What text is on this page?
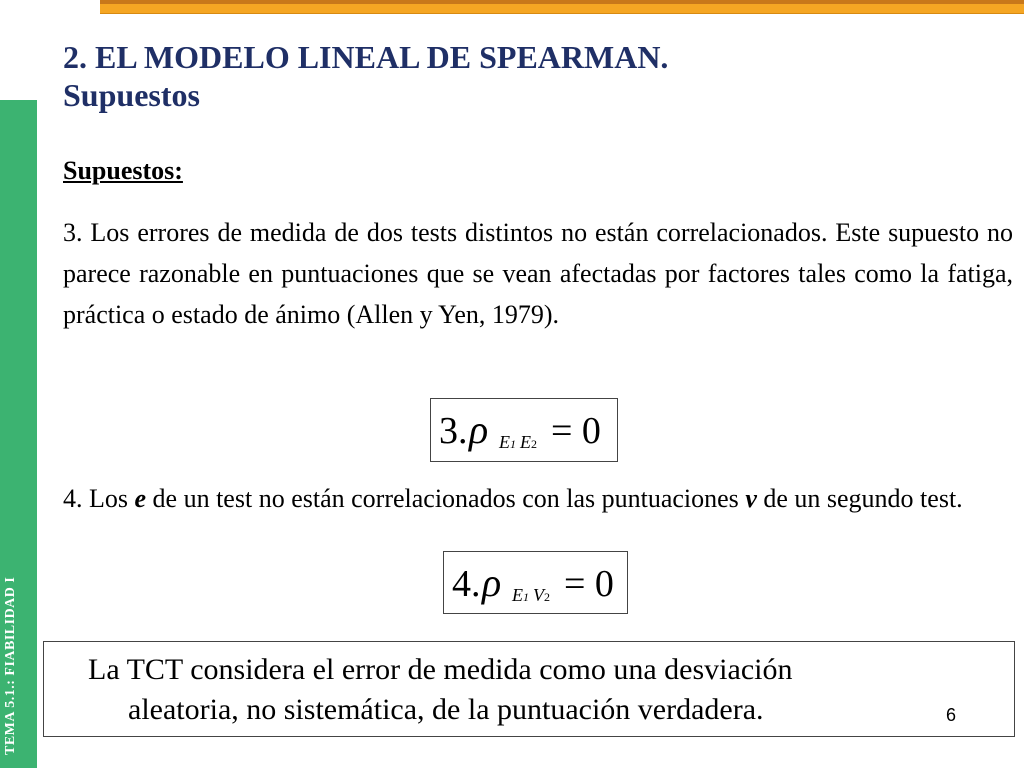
TEMA 5.1.: FIABILIDAD I
2. EL MODELO LINEAL DE SPEARMAN.
Supuestos
Supuestos:
3. Los errores de medida de dos tests distintos no están correlacionados. Este supuesto no parece razonable en puntuaciones que se vean afectadas por factores tales como la fatiga, práctica o estado de ánimo (Allen y Yen, 1979).
3. ρ E1 E2 = 0
4. Los e de un test no están correlacionados con las puntuaciones v de un segundo test.
4. ρ E1 V2 = 0
La TCT considera el error de medida como una desviación
aleatoria, no sistemática, de la puntuación verdadera.	6
